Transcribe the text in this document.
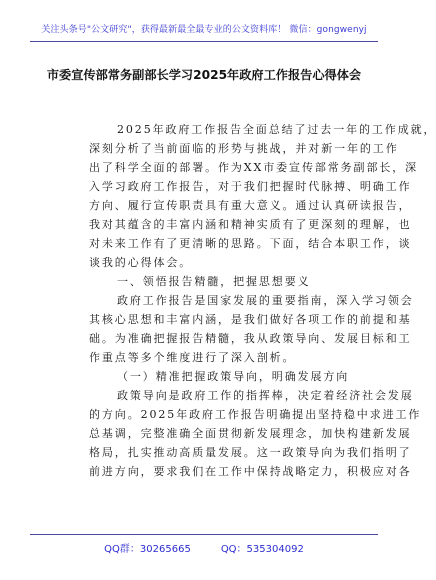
关注头条号"公文研究"，获得最新最全最专业的公文资料库！ 微信：gongwenyj
市委宣传部常务副部长学习2025年政府工作报告心得体会
2025年政府工作报告全面总结了过去一年的工作成就，
深刻分析了当前面临的形势与挑战，并对新一年的工作
出了科学全面的部署。作为XX市委宣传部常务副部长，深
入学习政府工作报告，对于我们把握时代脉搏、明确工作
方向、履行宣传职责具有重大意义。通过认真研读报告，
我对其蕴含的丰富内涵和精神实质有了更深刻的理解，也
对未来工作有了更清晰的思路。下面，结合本职工作，谈
谈我的心得体会。
一、领悟报告精髓，把握思想要义
政府工作报告是国家发展的重要指南，深入学习领会
其核心思想和丰富内涵，是我们做好各项工作的前提和基
础。为准确把握报告精髓，我从政策导向、发展目标和工
作重点等多个维度进行了深入剖析。
（一）精准把握政策导向，明确发展方向
政策导向是政府工作的指挥棒，决定着经济社会发展
的方向。2025年政府工作报告明确提出坚持稳中求进工作
总基调，完整准确全面贯彻新发展理念，加快构建新发展
格局，扎实推动高质量发展。这一政策导向为我们指明了
前进方向，要求我们在工作中保持战略定力，积极应对各
QQ群：30265665	QQ：535304092
